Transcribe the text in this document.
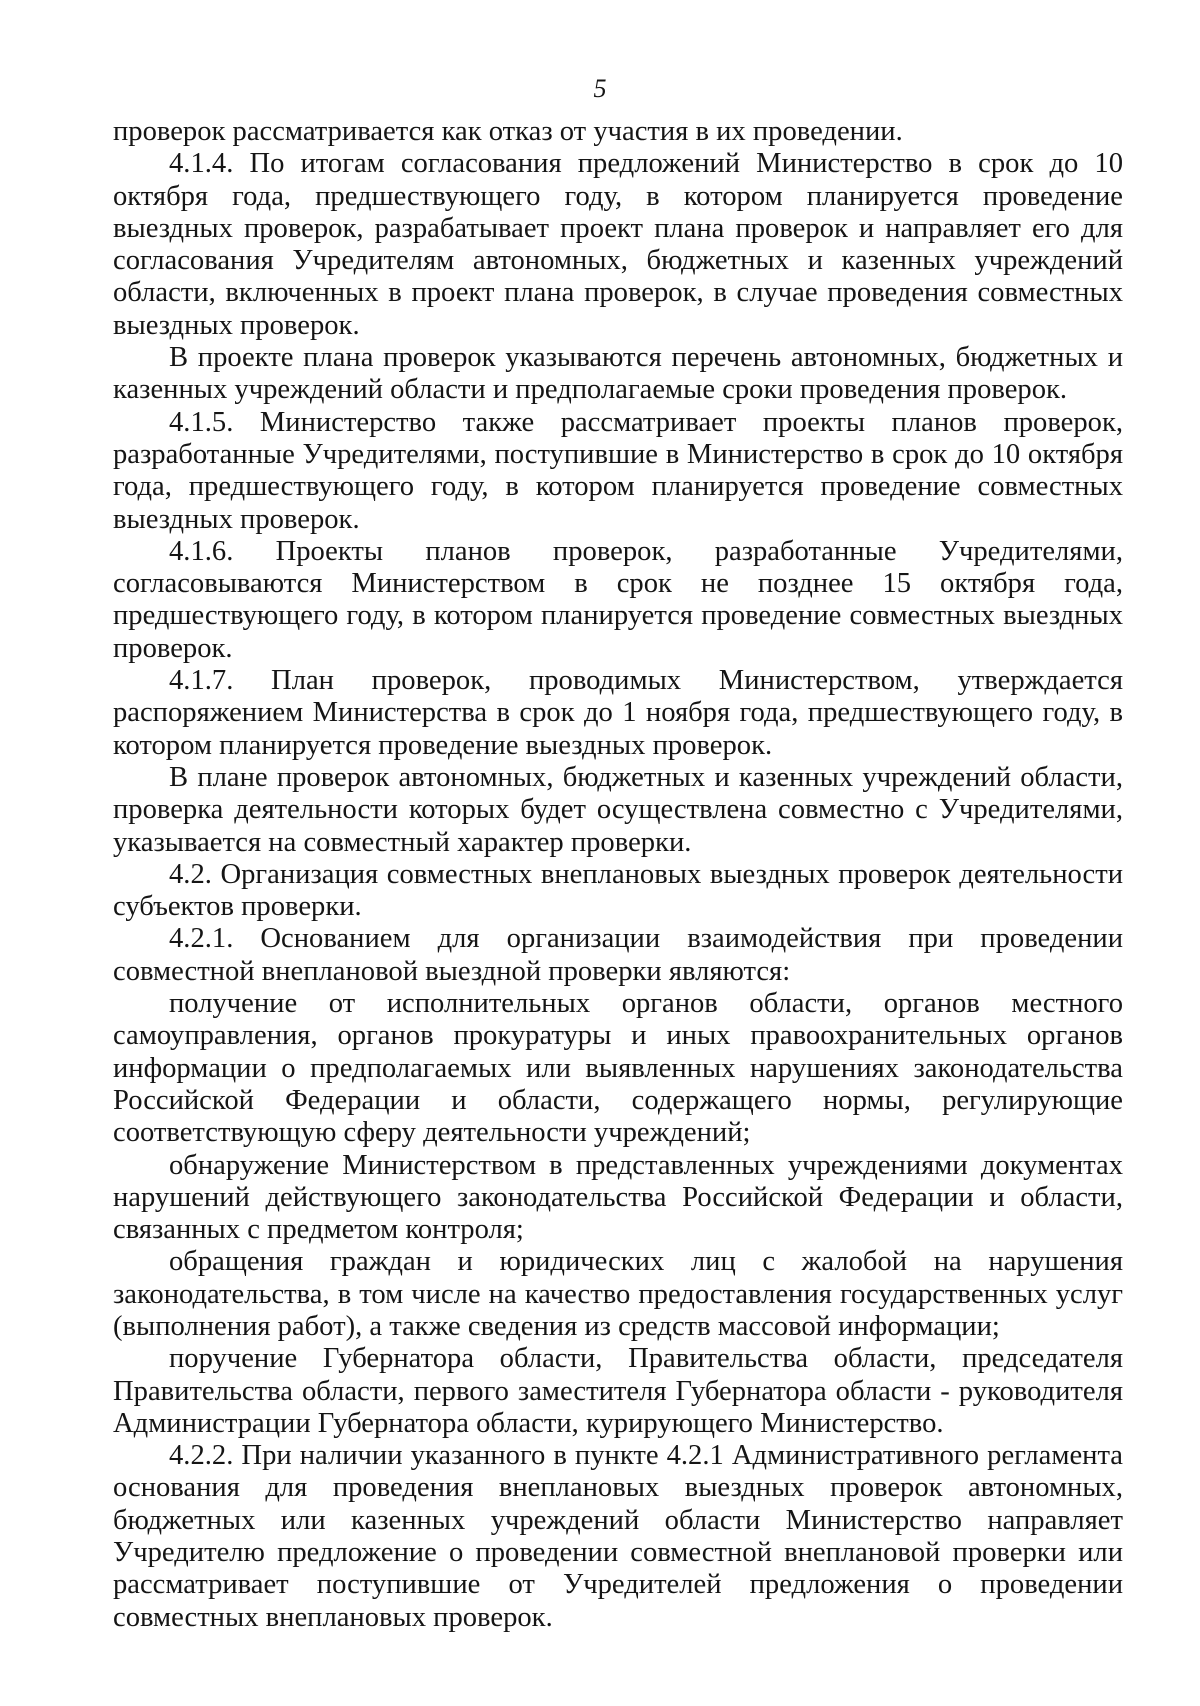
5

проверок рассматривается как отказ от участия в их проведении.

4.1.4. По итогам согласования предложений Министерство в срок до 10 октября года, предшествующего году, в котором планируется проведение выездных проверок, разрабатывает проект плана проверок и направляет его для согласования Учредителям автономных, бюджетных и казенных учреждений области, включенных в проект плана проверок, в случае проведения совместных выездных проверок.

В проекте плана проверок указываются перечень автономных, бюджетных и казенных учреждений области и предполагаемые сроки проведения проверок.

4.1.5. Министерство также рассматривает проекты планов проверок, разработанные Учредителями, поступившие в Министерство в срок до 10 октября года, предшествующего году, в котором планируется проведение совместных выездных проверок.

4.1.6. Проекты планов проверок, разработанные Учредителями, согласовываются Министерством в срок не позднее 15 октября года, предшествующего году, в котором планируется проведение совместных выездных проверок.

4.1.7. План проверок, проводимых Министерством, утверждается распоряжением Министерства в срок до 1 ноября года, предшествующего году, в котором планируется проведение выездных проверок.

В плане проверок автономных, бюджетных и казенных учреждений области, проверка деятельности которых будет осуществлена совместно с Учредителями, указывается на совместный характер проверки.

4.2. Организация совместных внеплановых выездных проверок деятельности субъектов проверки.

4.2.1. Основанием для организации взаимодействия при проведении совместной внеплановой выездной проверки являются:

получение от исполнительных органов области, органов местного самоуправления, органов прокуратуры и иных правоохранительных органов информации о предполагаемых или выявленных нарушениях законодательства Российской Федерации и области, содержащего нормы, регулирующие соответствующую сферу деятельности учреждений;

обнаружение Министерством в представленных учреждениями документах нарушений действующего законодательства Российской Федерации и области, связанных с предметом контроля;

обращения граждан и юридических лиц с жалобой на нарушения законодательства, в том числе на качество предоставления государственных услуг (выполнения работ), а также сведения из средств массовой информации;

поручение Губернатора области, Правительства области, председателя Правительства области, первого заместителя Губернатора области - руководителя Администрации Губернатора области, курирующего Министерство.

4.2.2. При наличии указанного в пункте 4.2.1 Административного регламента основания для проведения внеплановых выездных проверок автономных, бюджетных или казенных учреждений области Министерство направляет Учредителю предложение о проведении совместной внеплановой проверки или рассматривает поступившие от Учредителей предложения о проведении совместных внеплановых проверок.
